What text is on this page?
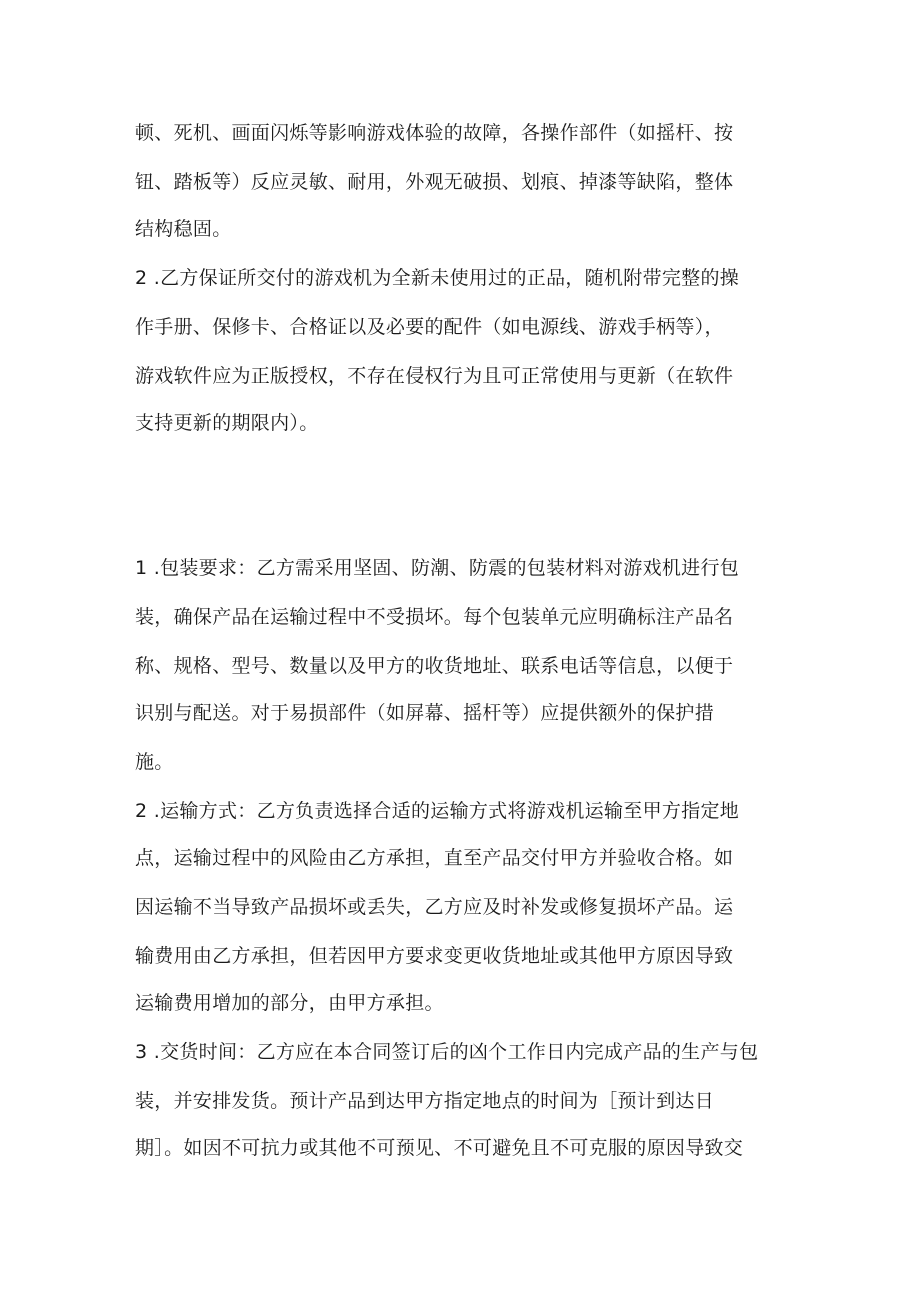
顿、死机、画面闪烁等影响游戏体验的故障，各操作部件（如摇杆、按
钮、踏板等）反应灵敏、耐用，外观无破损、划痕、掉漆等缺陷，整体
结构稳固。
2 .乙方保证所交付的游戏机为全新未使用过的正品，随机附带完整的操
作手册、保修卡、合格证以及必要的配件（如电源线、游戏手柄等），
游戏软件应为正版授权，不存在侵权行为且可正常使用与更新（在软件
支持更新的期限内）。
1 .包装要求：乙方需采用坚固、防潮、防震的包装材料对游戏机进行包
装，确保产品在运输过程中不受损坏。每个包装单元应明确标注产品名
称、规格、型号、数量以及甲方的收货地址、联系电话等信息，以便于
识别与配送。对于易损部件（如屏幕、摇杆等）应提供额外的保护措
施。
2 .运输方式：乙方负责选择合适的运输方式将游戏机运输至甲方指定地
点，运输过程中的风险由乙方承担，直至产品交付甲方并验收合格。如
因运输不当导致产品损坏或丢失，乙方应及时补发或修复损坏产品。运
输费用由乙方承担，但若因甲方要求变更收货地址或其他甲方原因导致
运输费用增加的部分，由甲方承担。
3 .交货时间：乙方应在本合同签订后的凶个工作日内完成产品的生产与包
装，并安排发货。预计产品到达甲方指定地点的时间为［预计到达日
期］。如因不可抗力或其他不可预见、不可避免且不可克服的原因导致交
